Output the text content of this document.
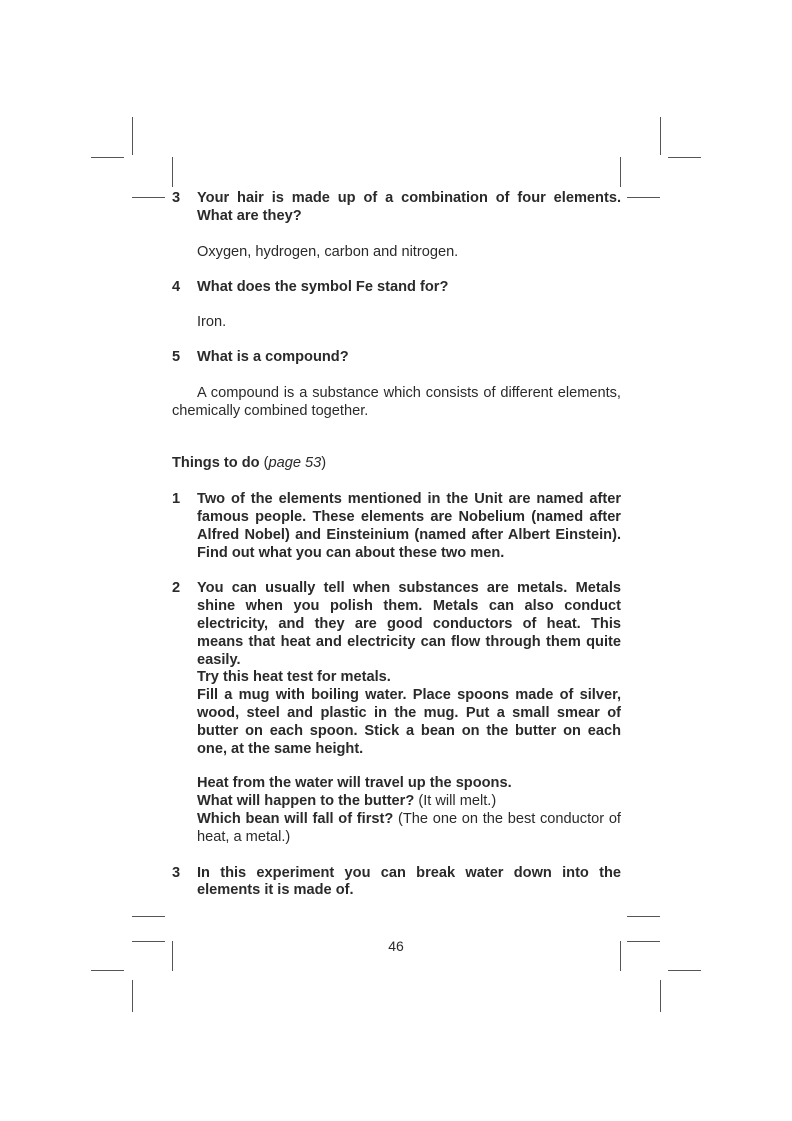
3 Your hair is made up of a combination of four elements. What are they?
Oxygen, hydrogen, carbon and nitrogen.
4 What does the symbol Fe stand for?
Iron.
5 What is a compound?
A compound is a substance which consists of different elements, chemically combined together.
Things to do (page 53)
1 Two of the elements mentioned in the Unit are named after famous people. These elements are Nobelium (named after Alfred Nobel) and Einsteinium (named after Albert Einstein). Find out what you can about these two men.
2 You can usually tell when substances are metals. Metals shine when you polish them. Metals can also conduct electricity, and they are good conductors of heat. This means that heat and electricity can flow through them quite easily.
Try this heat test for metals.
Fill a mug with boiling water. Place spoons made of silver, wood, steel and plastic in the mug. Put a small smear of butter on each spoon. Stick a bean on the butter on each one, at the same height.
Heat from the water will travel up the spoons.
What will happen to the butter? (It will melt.)
Which bean will fall of first? (The one on the best conductor of heat, a metal.)
3 In this experiment you can break water down into the elements it is made of.
46
